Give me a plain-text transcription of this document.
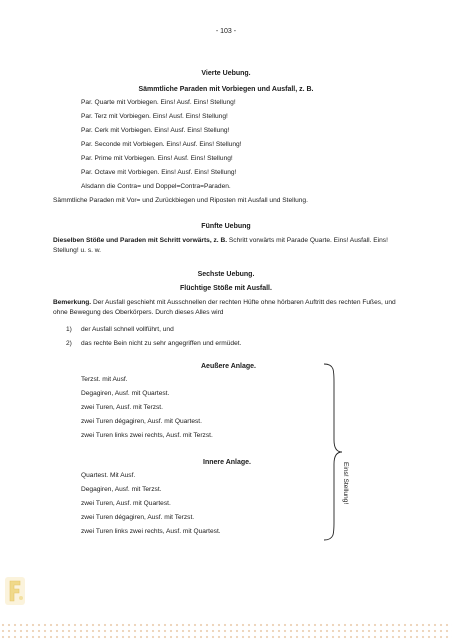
- 103 -
Vierte Uebung.
Sämmtliche Paraden mit Vorbiegen und Ausfall, z. B.
Par. Quarte mit Vorbiegen. Eins! Ausf. Eins! Stellung!
Par. Terz mit Vorbiegen. Eins! Ausf. Eins! Stellung!
Par. Cerk mit Vorbiegen. Eins! Ausf. Eins! Stellung!
Par. Seconde mit Vorbiegen. Eins! Ausf. Eins! Stellung!
Par. Prime mit Vorbiegen. Eins! Ausf. Eins! Stellung!
Par. Octave mit Vorbiegen. Eins! Ausf. Eins! Stellung!
Alsdann die Contra= und Doppel=Contra=Paraden.
Sämmtliche Paraden mit Vor= und Zurückbiegen und Riposten mit Ausfall und Stellung.
Fünfte Uebung
Dieselben Stöße und Paraden mit Schritt vorwärts, z. B. Schritt vorwärts mit Parade Quarte. Eins! Ausfall. Eins! Stellung! u. s. w.
Sechste Uebung.
Flüchtige Stöße mit Ausfall.
Bemerkung. Der Ausfall geschieht mit Ausschnellen der rechten Hüfte ohne hörbaren Auftritt des rechten Fußes, und ohne Bewegung des Oberkörpers. Durch dieses Alles wird
1) der Ausfall schnell vollführt, und
2) das rechte Bein nicht zu sehr angegriffen und ermüdet.
Aeußere Anlage.
Terzst. mit Ausf.
Degagiren, Ausf. mit Quartest.
zwei Turen, Ausf. mit Terzst.
zwei Turen dégagiren, Ausf. mit Quartest.
zwei Turen links zwei rechts, Ausf. mit Terzst.
Innere Anlage.
Quartest. Mit Ausf.
Degagiren, Ausf. mit Terzst.
zwei Turen, Ausf. mit Quartest.
zwei Turen dégagiren, Ausf. mit Terzst.
zwei Turen links zwei rechts, Ausf. mit Quartest.
Eins! Stellung!
